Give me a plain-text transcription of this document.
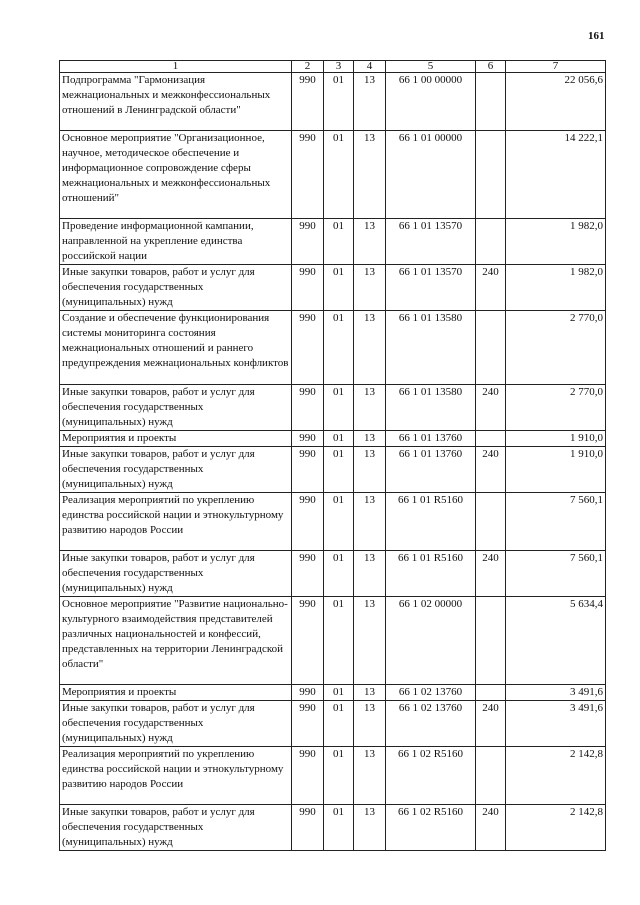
161
1	2	3	4	5	6	7
Подпрограмма "Гармонизация межнациональных и межконфессиональных отношений в Ленинградской области"	990	01	13	66 1 00 00000		22 056,6
Основное мероприятие "Организационное, научное, методическое обеспечение и информационное сопровождение сферы межнациональных и межконфессиональных отношений"	990	01	13	66 1 01 00000		14 222,1
Проведение информационной кампании, направленной на укрепление единства российской нации	990	01	13	66 1 01 13570		1 982,0
Иные закупки товаров, работ и услуг для обеспечения государственных (муниципальных) нужд	990	01	13	66 1 01 13570	240	1 982,0
Создание и обеспечение функционирования системы мониторинга состояния межнациональных отношений и раннего предупреждения межнациональных конфликтов	990	01	13	66 1 01 13580		2 770,0
Иные закупки товаров, работ и услуг для обеспечения государственных (муниципальных) нужд	990	01	13	66 1 01 13580	240	2 770,0
Мероприятия и проекты	990	01	13	66 1 01 13760		1 910,0
Иные закупки товаров, работ и услуг для обеспечения государственных (муниципальных) нужд	990	01	13	66 1 01 13760	240	1 910,0
Реализация мероприятий по укреплению единства российской нации и этнокультурному развитию народов России	990	01	13	66 1 01 R5160		7 560,1
Иные закупки товаров, работ и услуг для обеспечения государственных (муниципальных) нужд	990	01	13	66 1 01 R5160	240	7 560,1
Основное мероприятие "Развитие национально-культурного взаимодействия представителей различных национальностей и конфессий, представленных на территории Ленинградской области"	990	01	13	66 1 02 00000		5 634,4
Мероприятия и проекты	990	01	13	66 1 02 13760		3 491,6
Иные закупки товаров, работ и услуг для обеспечения государственных (муниципальных) нужд	990	01	13	66 1 02 13760	240	3 491,6
Реализация мероприятий по укреплению единства российской нации и этнокультурному развитию народов России	990	01	13	66 1 02 R5160		2 142,8
Иные закупки товаров, работ и услуг для обеспечения государственных (муниципальных) нужд	990	01	13	66 1 02 R5160	240	2 142,8
